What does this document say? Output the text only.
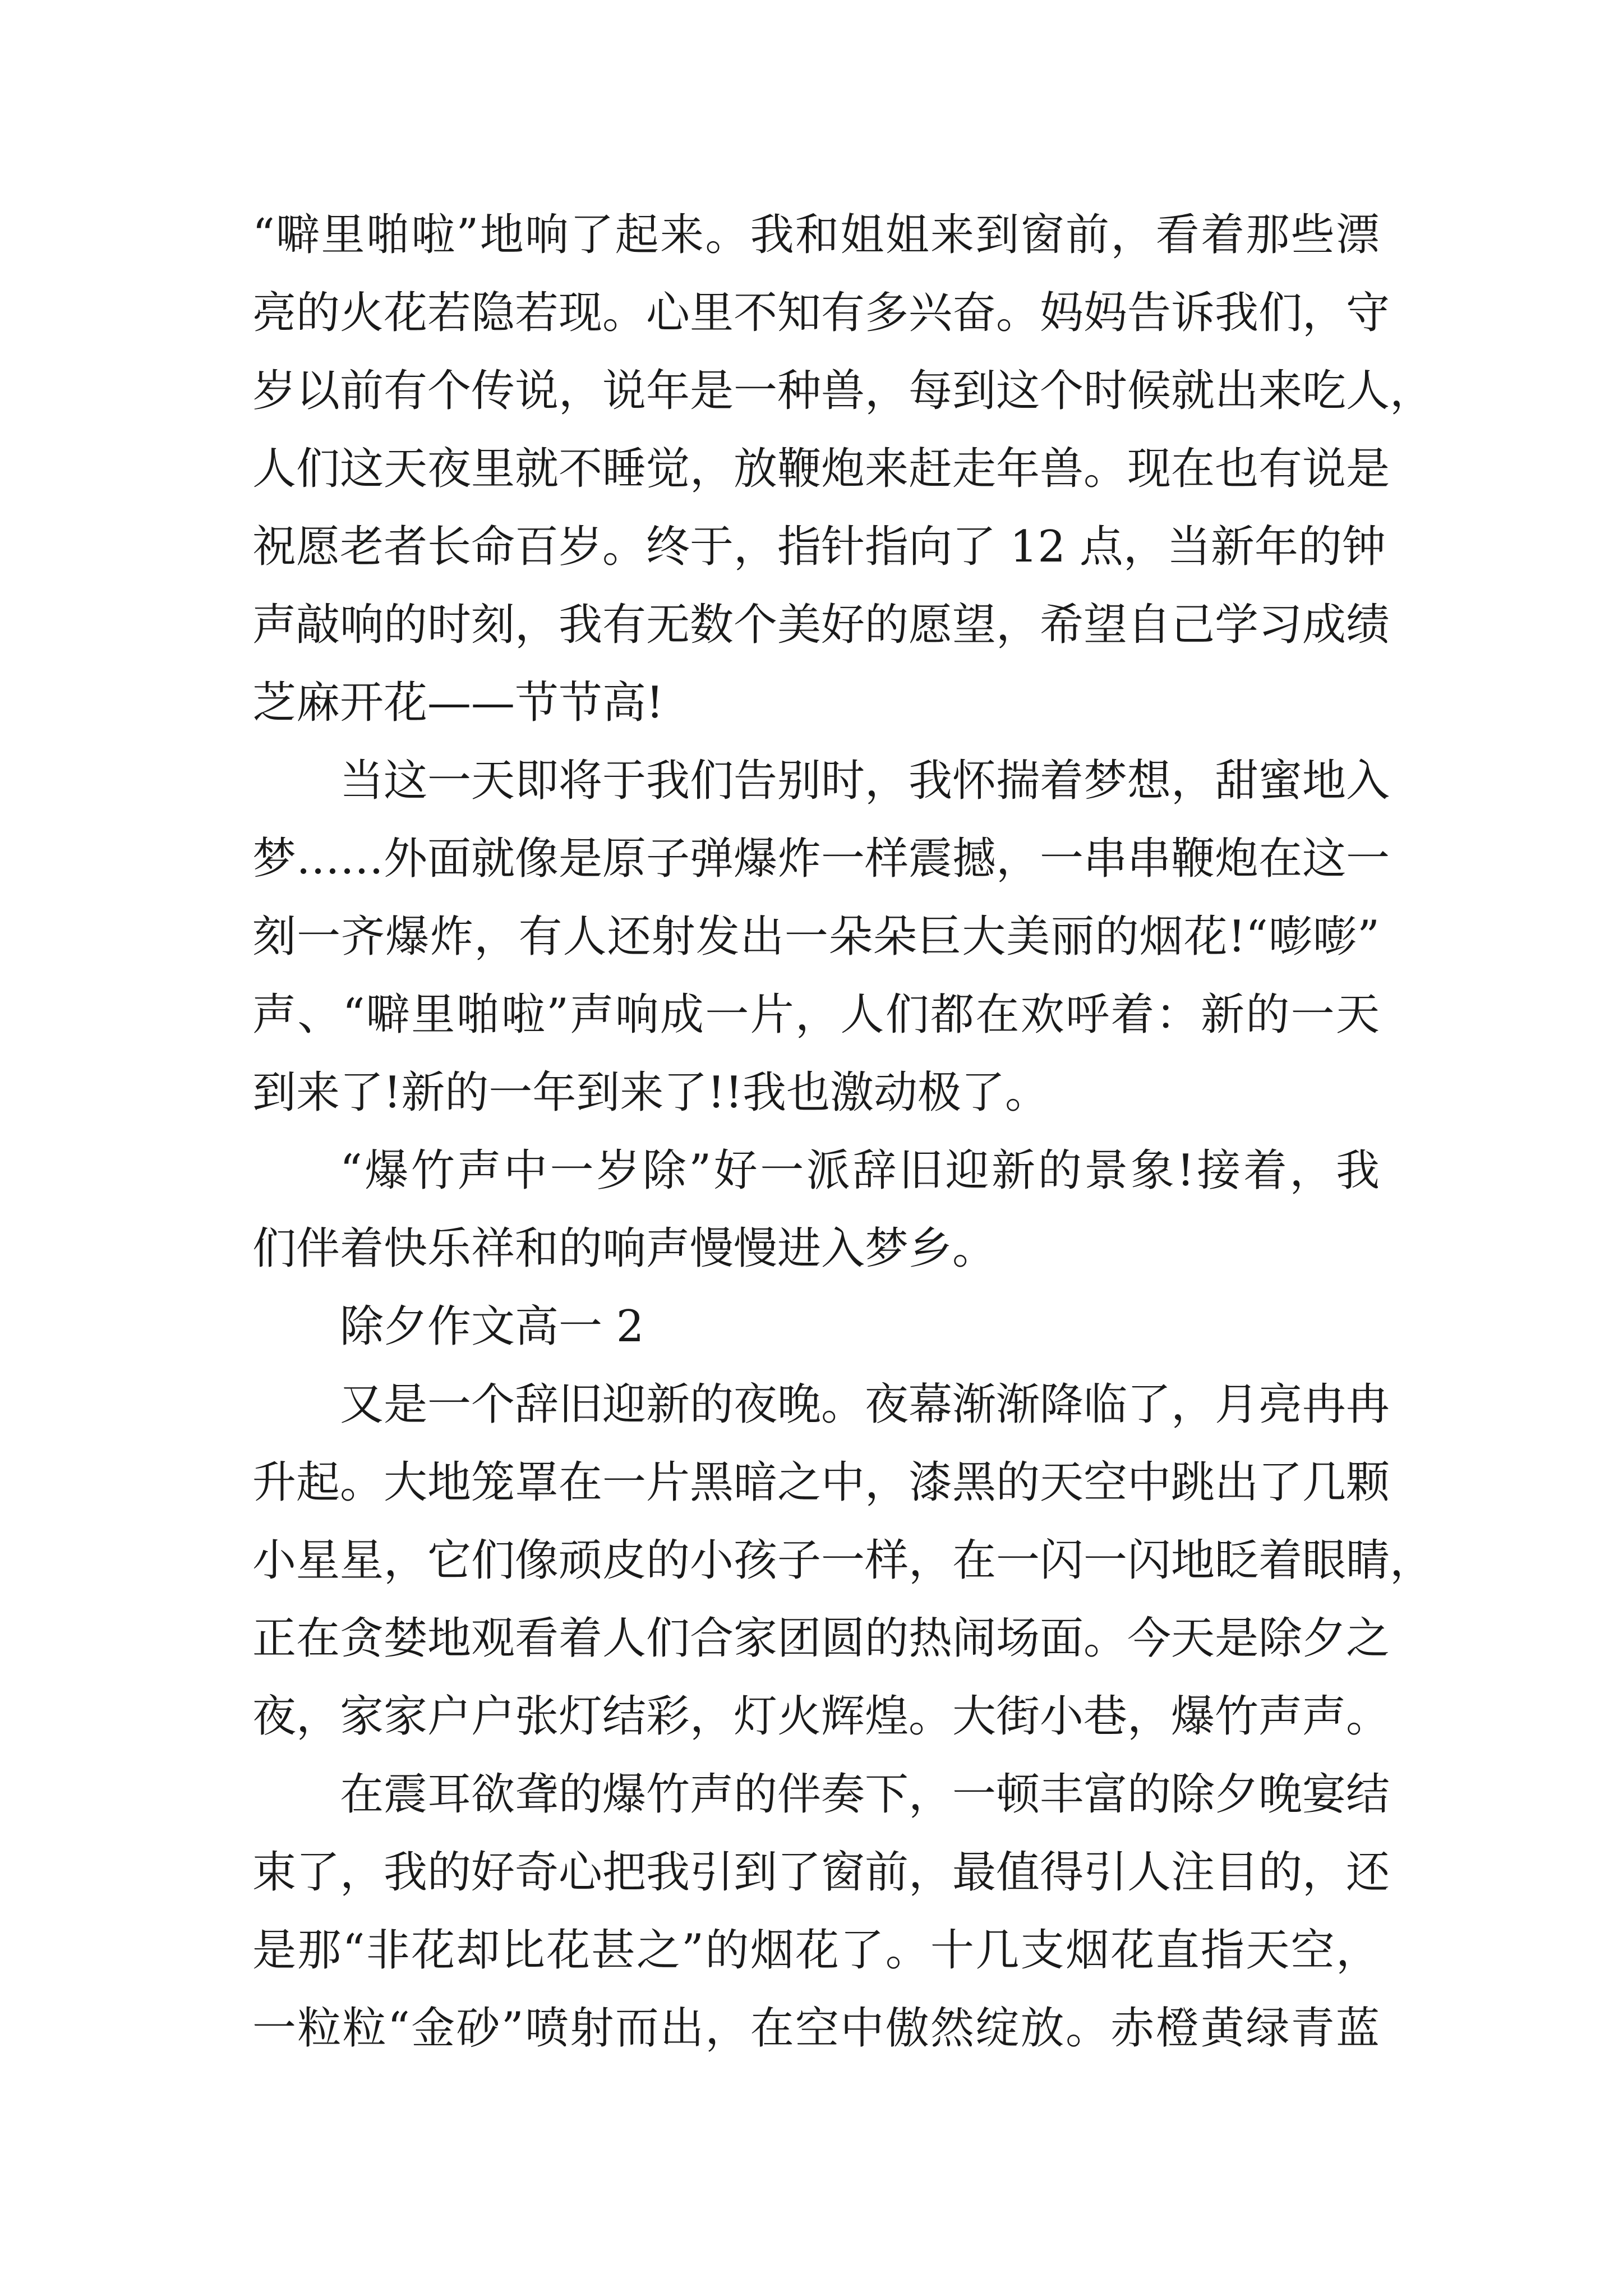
“噼里啪啦”地响了起来。我和姐姐来到窗前，看着那些漂
亮的火花若隐若现。心里不知有多兴奋。妈妈告诉我们，守
岁以前有个传说，说年是一种兽，每到这个时候就出来吃人，
人们这天夜里就不睡觉，放鞭炮来赶走年兽。现在也有说是
祝愿老者长命百岁。终于，指针指向了 12 点，当新年的钟
声敲响的时刻，我有无数个美好的愿望，希望自己学习成绩
芝麻开花——节节高!
当这一天即将于我们告别时，我怀揣着梦想，甜蜜地入
梦……外面就像是原子弹爆炸一样震撼，一串串鞭炮在这一
刻一齐爆炸，有人还射发出一朵朵巨大美丽的烟花!“嘭嘭”
声、“噼里啪啦”声响成一片，人们都在欢呼着：新的一天
到来了!新的一年到来了!!我也激动极了。
“爆竹声中一岁除”好一派辞旧迎新的景象!接着，我
们伴着快乐祥和的响声慢慢进入梦乡。
除夕作文高一 2
又是一个辞旧迎新的夜晚。夜幕渐渐降临了，月亮冉冉
升起。大地笼罩在一片黑暗之中，漆黑的天空中跳出了几颗
小星星，它们像顽皮的小孩子一样，在一闪一闪地眨着眼睛，
正在贪婪地观看着人们合家团圆的热闹场面。今天是除夕之
夜，家家户户张灯结彩，灯火辉煌。大街小巷，爆竹声声。
在震耳欲聋的爆竹声的伴奏下，一顿丰富的除夕晚宴结
束了，我的好奇心把我引到了窗前，最值得引人注目的，还
是那“非花却比花甚之”的烟花了。十几支烟花直指天空，
一粒粒“金砂”喷射而出，在空中傲然绽放。赤橙黄绿青蓝
